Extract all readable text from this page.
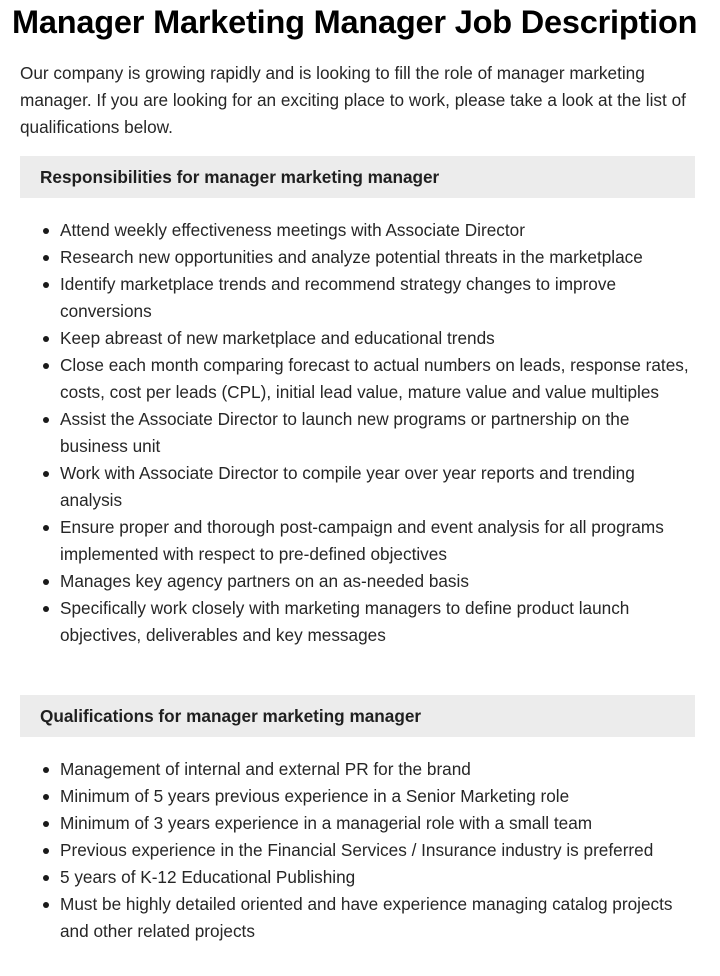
Manager Marketing Manager Job Description

Our company is growing rapidly and is looking to fill the role of manager marketing manager. If you are looking for an exciting place to work, please take a look at the list of qualifications below.

Responsibilities for manager marketing manager
Attend weekly effectiveness meetings with Associate Director
Research new opportunities and analyze potential threats in the marketplace
Identify marketplace trends and recommend strategy changes to improve conversions
Keep abreast of new marketplace and educational trends
Close each month comparing forecast to actual numbers on leads, response rates, costs, cost per leads (CPL), initial lead value, mature value and value multiples
Assist the Associate Director to launch new programs or partnership on the business unit
Work with Associate Director to compile year over year reports and trending analysis
Ensure proper and thorough post-campaign and event analysis for all programs implemented with respect to pre-defined objectives
Manages key agency partners on an as-needed basis
Specifically work closely with marketing managers to define product launch objectives, deliverables and key messages
Qualifications for manager marketing manager
Management of internal and external PR for the brand
Minimum of 5 years previous experience in a Senior Marketing role
Minimum of 3 years experience in a managerial role with a small team
Previous experience in the Financial Services / Insurance industry is preferred
5 years of K-12 Educational Publishing
Must be highly detailed oriented and have experience managing catalog projects and other related projects
